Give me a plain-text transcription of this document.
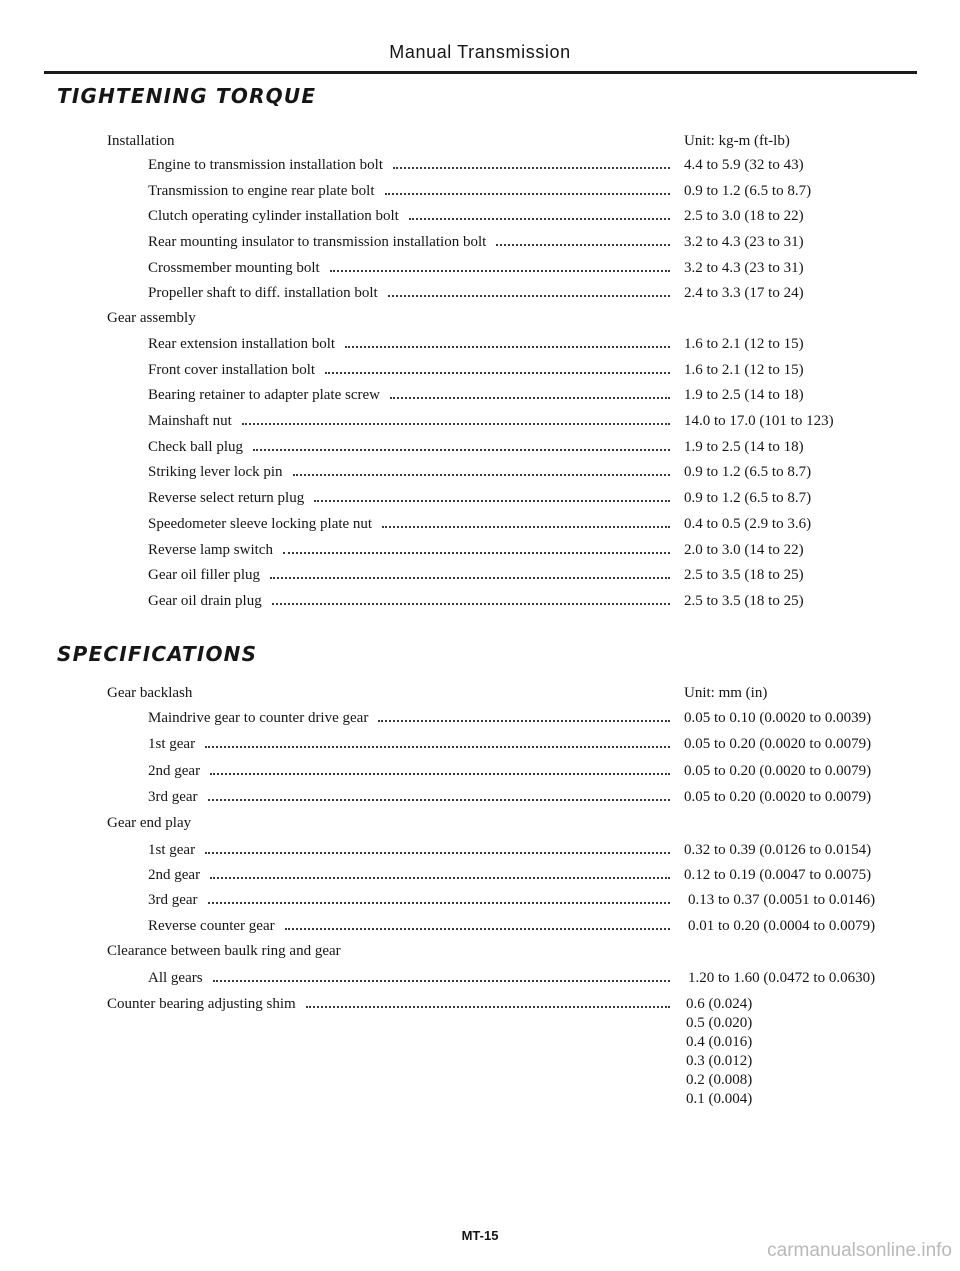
Manual Transmission
TIGHTENING TORQUE
Unit: kg-m (ft-lb)
Installation
Engine to transmission installation bolt	4.4 to 5.9 (32 to 43)
Transmission to engine rear plate bolt	0.9 to 1.2 (6.5 to 8.7)
Clutch operating cylinder installation bolt	2.5 to 3.0 (18 to 22)
Rear mounting insulator to transmission installation bolt	3.2 to 4.3 (23 to 31)
Crossmember mounting bolt	3.2 to 4.3 (23 to 31)
Propeller shaft to diff. installation bolt	2.4 to 3.3 (17 to 24)
Gear assembly
Rear extension installation bolt	1.6 to 2.1 (12 to 15)
Front cover installation bolt	1.6 to 2.1 (12 to 15)
Bearing retainer to adapter plate screw	1.9 to 2.5 (14 to 18)
Mainshaft nut	14.0 to 17.0 (101 to 123)
Check ball plug	1.9 to 2.5 (14 to 18)
Striking lever lock pin	0.9 to 1.2 (6.5 to 8.7)
Reverse select return plug	0.9 to 1.2 (6.5 to 8.7)
Speedometer sleeve locking plate nut	0.4 to 0.5 (2.9 to 3.6)
Reverse lamp switch	2.0 to 3.0 (14 to 22)
Gear oil filler plug	2.5 to 3.5 (18 to 25)
Gear oil drain plug	2.5 to 3.5 (18 to 25)
SPECIFICATIONS
Unit: mm (in)
Gear backlash
Maindrive gear to counter drive gear	0.05 to 0.10 (0.0020 to 0.0039)
1st gear	0.05 to 0.20 (0.0020 to 0.0079)
2nd gear	0.05 to 0.20 (0.0020 to 0.0079)
3rd gear	0.05 to 0.20 (0.0020 to 0.0079)
Gear end play
1st gear	0.32 to 0.39 (0.0126 to 0.0154)
2nd gear	0.12 to 0.19 (0.0047 to 0.0075)
3rd gear	0.13 to 0.37 (0.0051 to 0.0146)
Reverse counter gear	0.01 to 0.20 (0.0004 to 0.0079)
Clearance between baulk ring and gear
All gears	1.20 to 1.60 (0.0472 to 0.0630)
Counter bearing adjusting shim	0.6 (0.024)
0.5 (0.020)
0.4 (0.016)
0.3 (0.012)
0.2 (0.008)
0.1 (0.004)
MT-15
carmanualsonline.info
